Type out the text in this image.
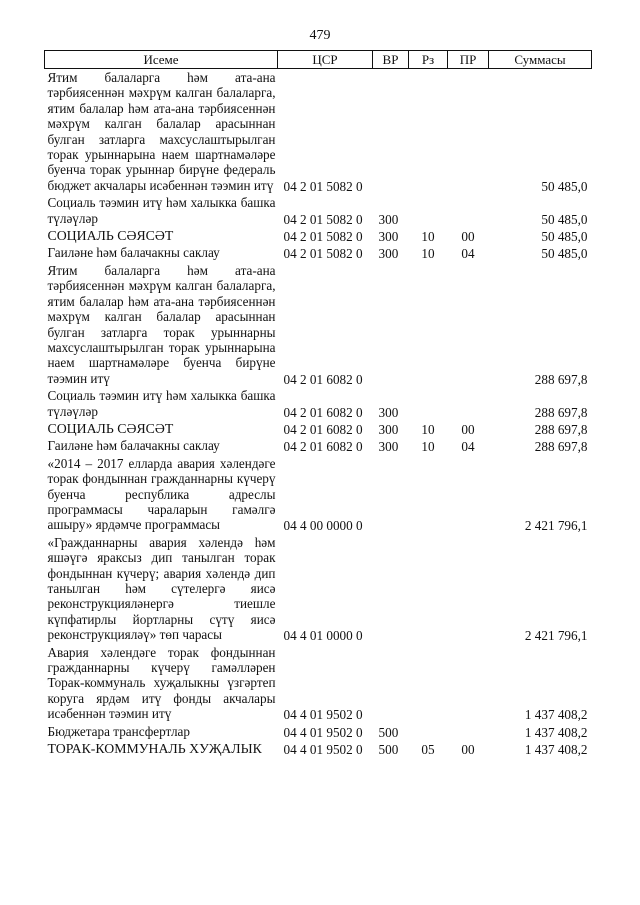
479
Исеме	ЦСР	ВР	Рз	ПР	Суммасы
Ятим балаларга һәм ата-ана тәрбиясеннән мәхрүм калган балаларга, ятим балалар һәм ата-ана тәрбиясеннән мәхрүм калган балалар арасыннан булган затларга махсуслаштырылган торак урыннарына наем шартнамәләре буенча торак урыннар бирүне федераль бюджет акчалары исәбеннән тәэмин итү	04 2 01 5082 0				50 485,0
Социаль тәэмин итү һәм халыкка башка түләүләр	04 2 01 5082 0	300			50 485,0
СОЦИАЛЬ СӘЯСӘТ	04 2 01 5082 0	300	10	00	50 485,0
Гаиләне һәм балачакны саклау	04 2 01 5082 0	300	10	04	50 485,0
Ятим балаларга һәм ата-ана тәрбиясеннән мәхрүм калган балаларга, ятим балалар һәм ата-ана тәрбиясеннән мәхрүм калган балалар арасыннан булган затларга торак урыннарны махсуслаштырылган торак урыннарына наем шартнамәләре буенча бирүне тәэмин итү	04 2 01 6082 0				288 697,8
Социаль тәэмин итү һәм халыкка башка түләүләр	04 2 01 6082 0	300			288 697,8
СОЦИАЛЬ СӘЯСӘТ	04 2 01 6082 0	300	10	00	288 697,8
Гаиләне һәм балачакны саклау	04 2 01 6082 0	300	10	04	288 697,8
«2014 – 2017 елларда авария хәлендәге торак фондыннан гражданнарны күчерү буенча республика адреслы программасы чараларын гамәлгә ашыру» ярдәмче программасы	04 4 00 0000 0				2 421 796,1
«Гражданнарны авария хәлендә һәм яшәүгә яраксыз дип танылган торак фондыннан күчерү; авария хәлендә дип танылган һәм сүтелергә яисә реконструкцияләнергә тиешле күпфатирлы йортларны сүтү яисә реконструкцияләү» төп чарасы	04 4 01 0000 0				2 421 796,1
Авария хәлендәге торак фондыннан гражданнарны күчерү гамәлләрен Торак-коммуналь хуҗалыкны үзгәртеп коруга ярдәм итү фонды акчалары исәбеннән тәэмин итү	04 4 01 9502 0				1 437 408,2
Бюджетара трансфертлар	04 4 01 9502 0	500			1 437 408,2
ТОРАК-КОММУНАЛЬ ХУҖАЛЫК	04 4 01 9502 0	500	05	00	1 437 408,2
